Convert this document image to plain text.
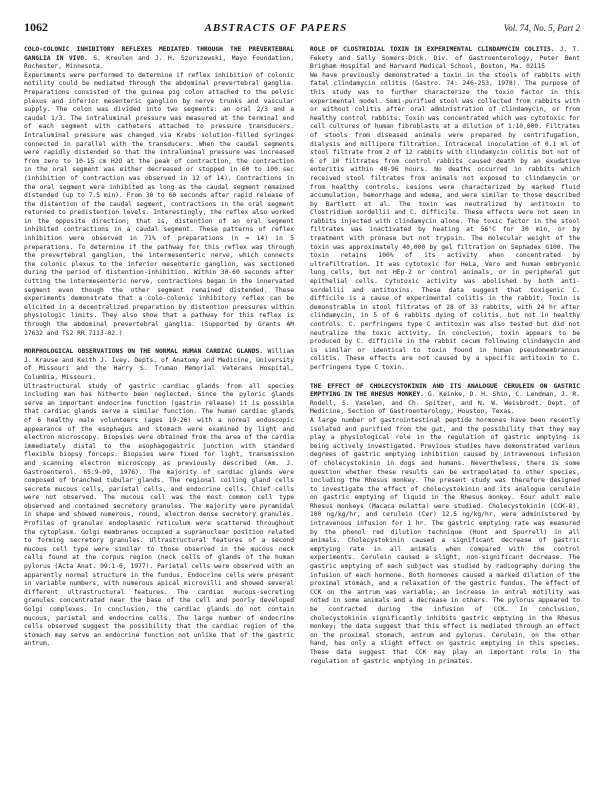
1062	ABSTRACTS OF PAPERS	Vol. 74, No. 5, Part 2

COLO-COLONIC INHIBITORY REFLEXES MEDIATED THROUGH THE PREVERTEBRAL GANGLIA IN VIVO. S. Kreulen and J. H. Szurszewski, Mayo Foundation, Rochester, Minnesota.

Experiments were performed to determine if reflex inhibition of colonic motility could be mediated through the abdominal prevertebral ganglia. Preparations consisted of the guinea pig colon attached to the pelvic plexus and inferior mesenteric ganglion by nerve trunks and vascular supply. The colon was divided into two segments: an oral 2/3 and a caudal 1/3. The intraluminal pressure was measured at the terminal end of each segment with catheters attached to pressure transducers. Intraluminal pressure was changed via Krebs solution-filled syringes connected in parallel with the transducers. When the caudal segments were rapidly distended so that the intraluminal pressure was increased from zero to 10-15 cm H2O at the peak of contraction, the contraction in the oral segment was either decreased or stopped in 60 to 100 sec (inhibition of contraction was observed in 12 of 14). Contractions in the oral segment were inhibited as long as the caudal segment remained distended (up to 7.5 min). From 30 to 60 seconds after rapid release of the distention of the caudal segment, contractions in the oral segment returned to predistention levels. Interestingly, the reflex also worked in the opposite direction; that is, distention of an oral segment inhibited contractions in a caudal segment. These patterns of reflex inhibition were observed in 71% of preparations (n = 14) in 5 preparations. To determine if the pathway for this reflex was through the prevertebral ganglion, the intermesenteric nerve, which connects the colonic plexus to the inferior mesenteric ganglion, was sectioned during the period of distention-inhibition. Within 30-60 seconds after cutting the intermesenteric nerve, contractions began in the innervated segment even though the other segment remained distended. These experiments demonstrate that a colo-colonic inhibitory reflex can be elicited in a decentralized preparation by distention pressures within physiologic limits. They also show that a pathway for this reflex is through the abdominal prevertebral ganglia. (Supported by Grants AM 17632 and TS2 RR 7113-02.)

MORPHOLOGICAL OBSERVATIONS ON THE NORMAL HUMAN CARDIAC GLANDS. William J. Krause and Keith J. Ivey. Depts. of Anatomy and Medicine, University of Missouri and the Harry S. Truman Memorial Veterans Hospital, Columbia, Missouri.

Ultrastructural study of gastric cardiac glands from all species including man has hitherto been neglected. Since the pyloric glands serve an important endocrine function (gastrin release) it is possible that cardiac glands serve a similar function. The human cardiac glands of 6 healthy male volunteers (ages 19-26) with a normal endoscopic appearance of the esophagus and stomach were examined by light and electron microscopy. Biopsies were obtained from the area of the cardia immediately distal to the esophagogastric junction with standard flexible biopsy forceps. Biopsies were fixed for light, transmission and scanning electron microscopy as previously described (Am. J. Gastroenterol. 65:9-09, 1976). The majority of cardiac glands were composed of branched tubular glands. The regional coiling gland cells secrete mucous cells, parietal cells, and endocrine cells. Chief cells were not observed. The mucous cell was the most common cell type observed and contained secretory granules. The majority were pyramidal in shape and showed numerous, round, electron dense secretory granules. Profiles of granular endoplasmic reticulum were scattered throughout the cytoplasm. Golgi membranes occupied a supranuclear position related to forming secretory granules. Ultrastructural features of a second mucous cell type were similar to those observed in the mucous neck cells found at the corpus region (neck cells of glands of the human pylorus (Acta Anat. 99:1-6, 1977). Parietal cells were observed with an apparently normal structure in the fundus. Endocrine cells were present in variable numbers, with numerous apical microvilli and showed several different ultrastructural features. The cardiac mucous-secreting granules concentrated near the base of the cell and poorly developed Golgi complexes. In conclusion, the cardiac glands do not contain mucous, parietal and endocrine cells. The large number of endocrine cells observed suggest the possibility that the cardiac region of the stomach may serve an endocrine function not unlike that of the gastric antrum.

ROLE OF CLOSTRIDIAL TOXIN IN EXPERIMENTAL CLINDAMYCIN COLITIS. J. T. Fekety and Sally Somers-Dick. Div. of Gastroenterology, Peter Bent Brigham Hospital and Harvard Medical School, Boston, Ma. 02115

We have previously demonstrated a toxin in the stools of rabbits with fatal clindamycin colitis (Gastro. 74: 246-253, 1978). The purpose of this study was to further characterize the toxin factor in this experimental model. Semi-purified stool was collected from rabbits with or without colitis after oral administration of clindamycin, or from healthy control rabbits. Toxin was concentrated which was cytotoxic for cell cultures of human fibroblasts at a dilution of 1:10,000. Filtrates of stools from diseased animals were prepared by centrifugation, dialysis and millipore filtration. Intracecal inoculation of 0.1 ml of stool filtrate from 2 of 12 rabbits with clindamycin colitis but not of 6 of 10 filtrates from control rabbits caused death by an exudative enteritis within 48-96 hours. No deaths occurred in rabbits which received stool filtrates from animals not exposed to clindamycin or from healthy controls. Lesions were characterized by marked fluid accumulation, hemorrhage and edema, and were similar to those described by Bartlett et al. The toxin was neutralized by antitoxin to Clostridium sordellii and C. difficile. These effects were not seen in rabbits injected with clindamycin alone. The toxic factor in the stool filtrates was inactivated by heating at 56°C for 30 min, or by treatment with pronase but not trypsin. The molecular weight of the toxin was approximately 40,000 by gel filtration on Sephadex G100. The toxin retains 100% of its activity when concentrated by ultrafiltration. It was cytotoxic for HeLa, Vero and human embryonic lung cells, but not HEp-2 or control animals, or in peripheral gut epithelial cells. Cytotoxic activity was abolished by both anti-sordellii and antitoxins. These data suggest that toxigenic C. difficile is a cause of experimental colitis in the rabbit. Toxin is demonstrable in stool filtrates of 28 of 33 rabbits, with 24 hr after clindamycin, in 5 of 6 rabbits dying of colitis, but not in healthy controls. C. perfringens type C antitoxin was also tested but did not neutralize the toxic activity. In conclusion, toxin appears to be produced by C. difficile in the rabbit cecum following clindamycin and is similar or identical to toxin found in human pseudomembranous colitis. These effects are not caused by a specific antitoxin to C. perfringens type C toxin.

THE EFFECT OF CHOLECYSTOKININ AND ITS ANALOGUE CERULEIN ON GASTRIC EMPTYING IN THE RHESUS MONKEY. G. Keinke, D. H. Shin, C. Lendman, J. R. Rodell, S. Vaselen, and Ch. Spitzer, and N. W. Weisbrodt. Dept. of Medicine, Section of Gastroenterology, Houston, Texas.

A large number of gastrointestinal peptide hormones have been recently isolated and purified from the gut, and the possibility that they may play a physiological role in the regulation of gastric emptying is being actively investigated. Previous studies have demonstrated various degrees of gastric emptying inhibition caused by intravenous infusion of cholecystokinin in dogs and humans. Nevertheless, there is some question whether these results can be extrapolated to other species, including the Rhesus monkey. The present study was therefore designed to investigate the effect of cholecystokinin and its analogue cerulein on gastric emptying of liquid in the Rhesus monkey. Four adult male Rhesus monkeys (Macaca mulatta) were studied. Cholecystokinin (CCK-8), 100 ng/kg/hr, and cerulein (Cer) 12.5 ng/kg/hr, were administered by intravenous infusion for 1 hr. The gastric emptying rate was measured by the phenol red dilution technique (Hunt and Spurrell) in all animals. Cholecystokinin caused a significant decrease of gastric emptying rate in all animals when compared with the control experiments. Cerulein caused a slight, non-significant decrease. The gastric emptying of each subject was studied by radiography during the infusion of each hormone. Both hormones caused a marked dilation of the proximal stomach, and a relaxation of the gastric fundus. The effect of CCK on the antrum was variable; an increase in antral motility was noted in some animals and a decrease in others. The pylorus appeared to be contracted during the infusion of CCK. In conclusion, cholecystokinin significantly inhibits gastric emptying in the Rhesus monkey; the data suggest that this effect is mediated through an effect on the proximal stomach, antrum and pylorus. Cerulein, on the other hand, has only a slight effect on gastric emptying in this species. These data suggest that CCK may play an important role in the regulation of gastric emptying in primates.
